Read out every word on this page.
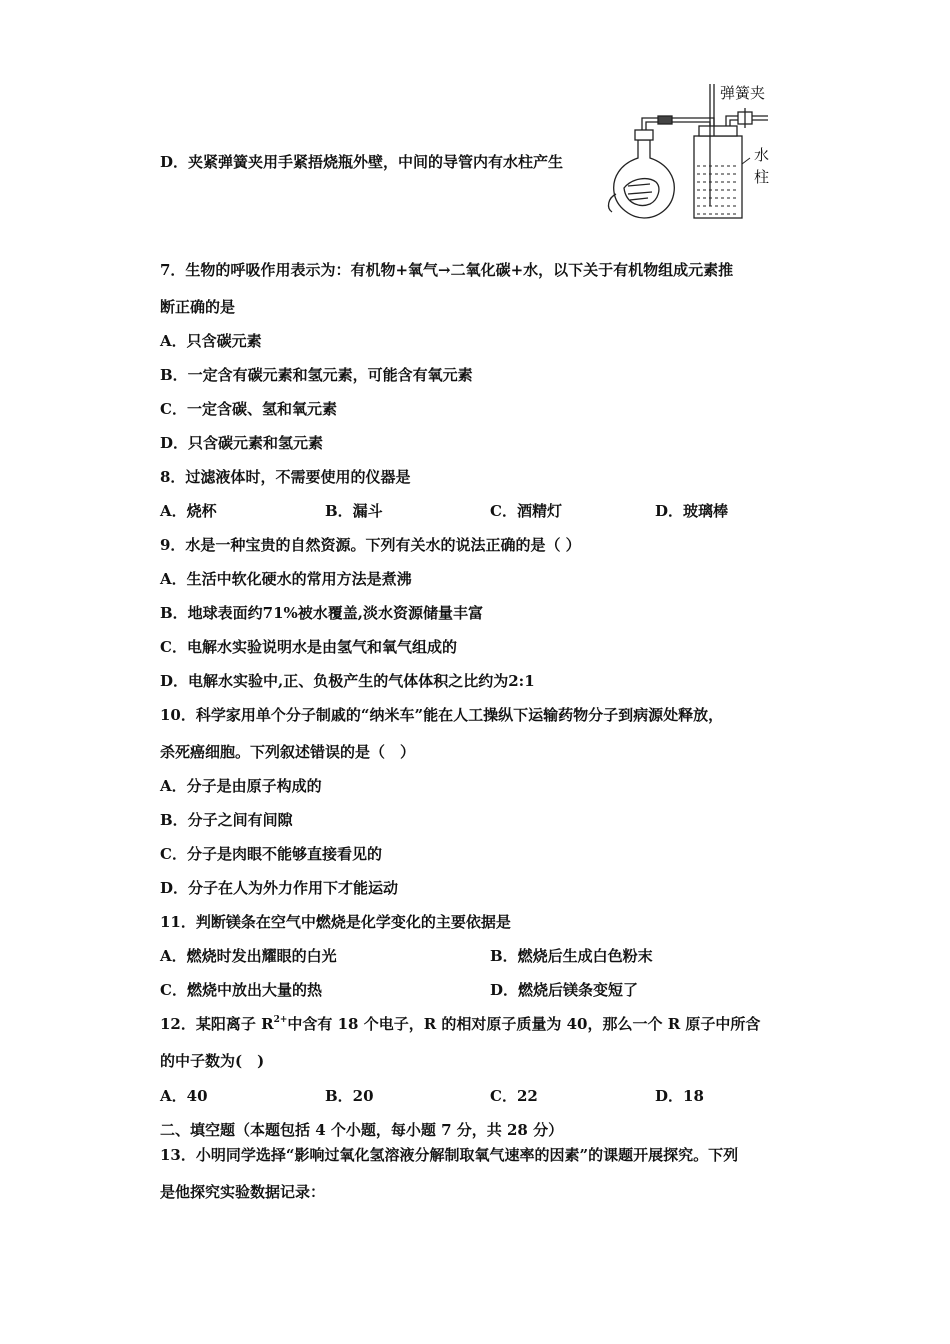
D．夹紧弹簧夹用手紧捂烧瓶外壁，中间的导管内有水柱产生
弹簧夹
水
柱
7．生物的呼吸作用表示为：有机物+氧气→二氧化碳+水，以下关于有机物组成元素推
断正确的是
A．只含碳元素
B．一定含有碳元素和氢元素，可能含有氧元素
C．一定含碳、氢和氧元素
D．只含碳元素和氢元素
8．过滤液体时，不需要使用的仪器是
A．烧杯	B．漏斗	C．酒精灯	D．玻璃棒
9．水是一种宝贵的自然资源。下列有关水的说法正确的是（ ）
A．生活中软化硬水的常用方法是煮沸
B．地球表面约71%被水覆盖,淡水资源储量丰富
C．电解水实验说明水是由氢气和氧气组成的
D．电解水实验中,正、负极产生的气体体积之比约为2:1
10．科学家用单个分子制戚的“纳米车”能在人工操纵下运输药物分子到病源处释放，
杀死癌细胞。下列叙述错误的是（　）
A．分子是由原子构成的
B．分子之间有间隙
C．分子是肉眼不能够直接看见的
D．分子在人为外力作用下才能运动
11．判断镁条在空气中燃烧是化学变化的主要依据是
A．燃烧时发出耀眼的白光	B．燃烧后生成白色粉末
C．燃烧中放出大量的热	D．燃烧后镁条变短了
12．某阳离子 $R^{2+}$中含有 18 个电子，R 的相对原子质量为 40，那么一个 R 原子中所含
的中子数为(　)
A．40	B．20	C．22	D．18
二、填空题（本题包括 4 个小题，每小题 7 分，共 28 分）
13．小明同学选择“影响过氧化氢溶液分解制取氧气速率的因素”的课题开展探究。下列
是他探究实验数据记录：
